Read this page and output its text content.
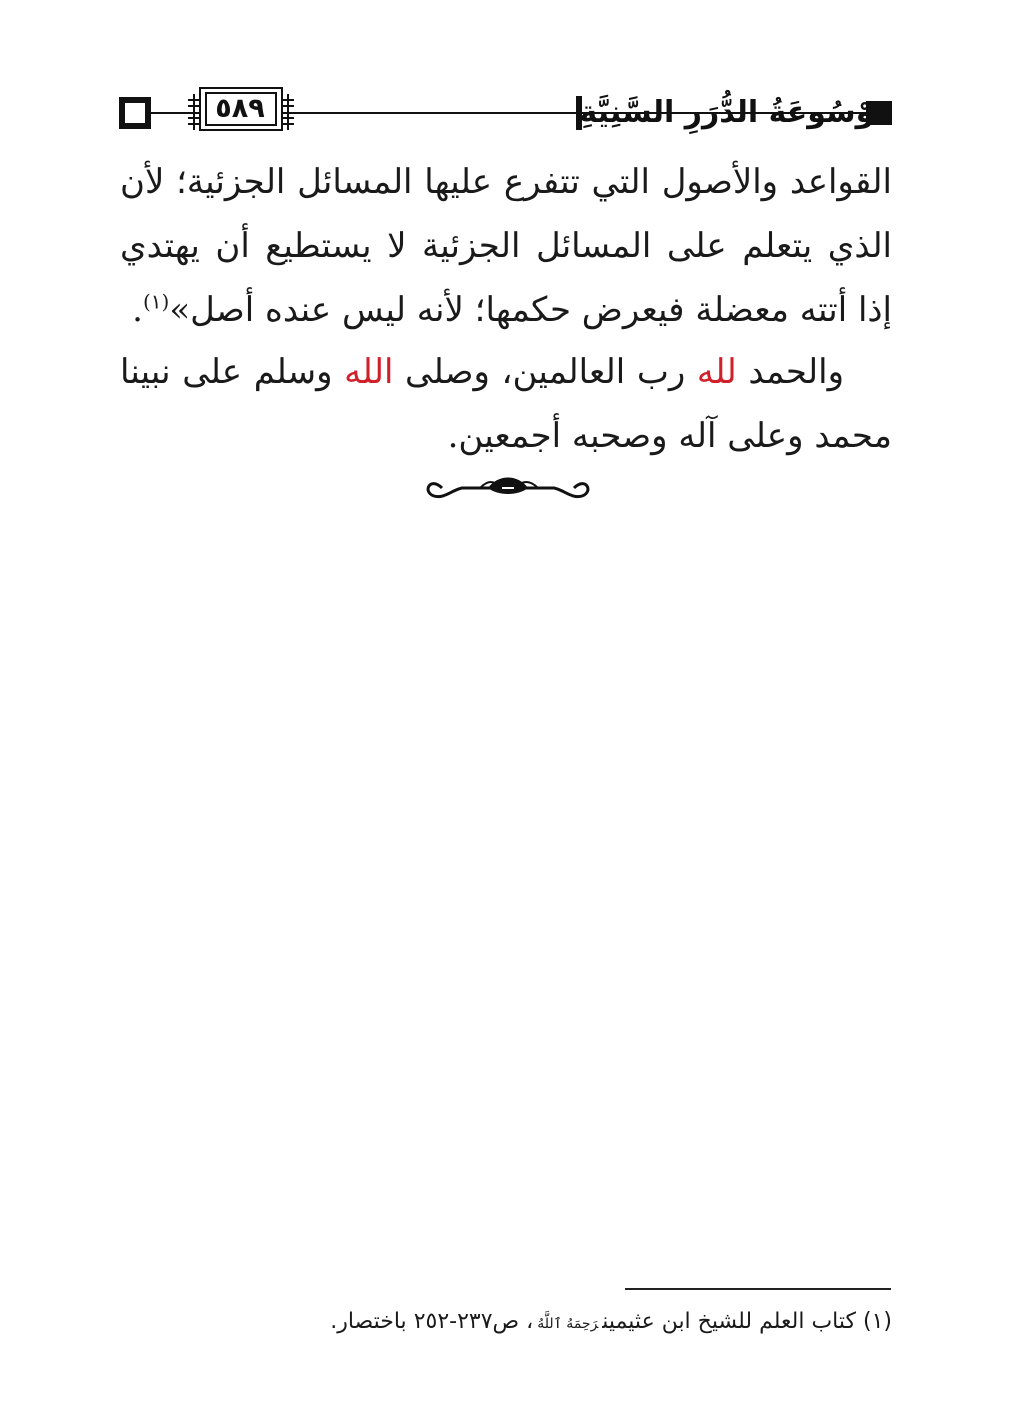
مَوْسُوعَةُ الدُّرَرِ السَّنِيَّةِ
٥٨٩

القواعد والأصول التي تتفرع عليها المسائل الجزئية؛ لأن الذي يتعلم على المسائل الجزئية لا يستطيع أن يهتدي إذا أتته معضلة فيعرض حكمها؛ لأنه ليس عنده أصل»$^{(١)}$.

والحمد لله رب العالمين، وصلى الله وسلم على نبينا محمد وعلى آله وصحبه أجمعين.

(١) كتاب العلم للشيخ ابن عثيمينرَحِمَهُ ٱللَّهُ، ص٢٣٧-٢٥٢ باختصار.
